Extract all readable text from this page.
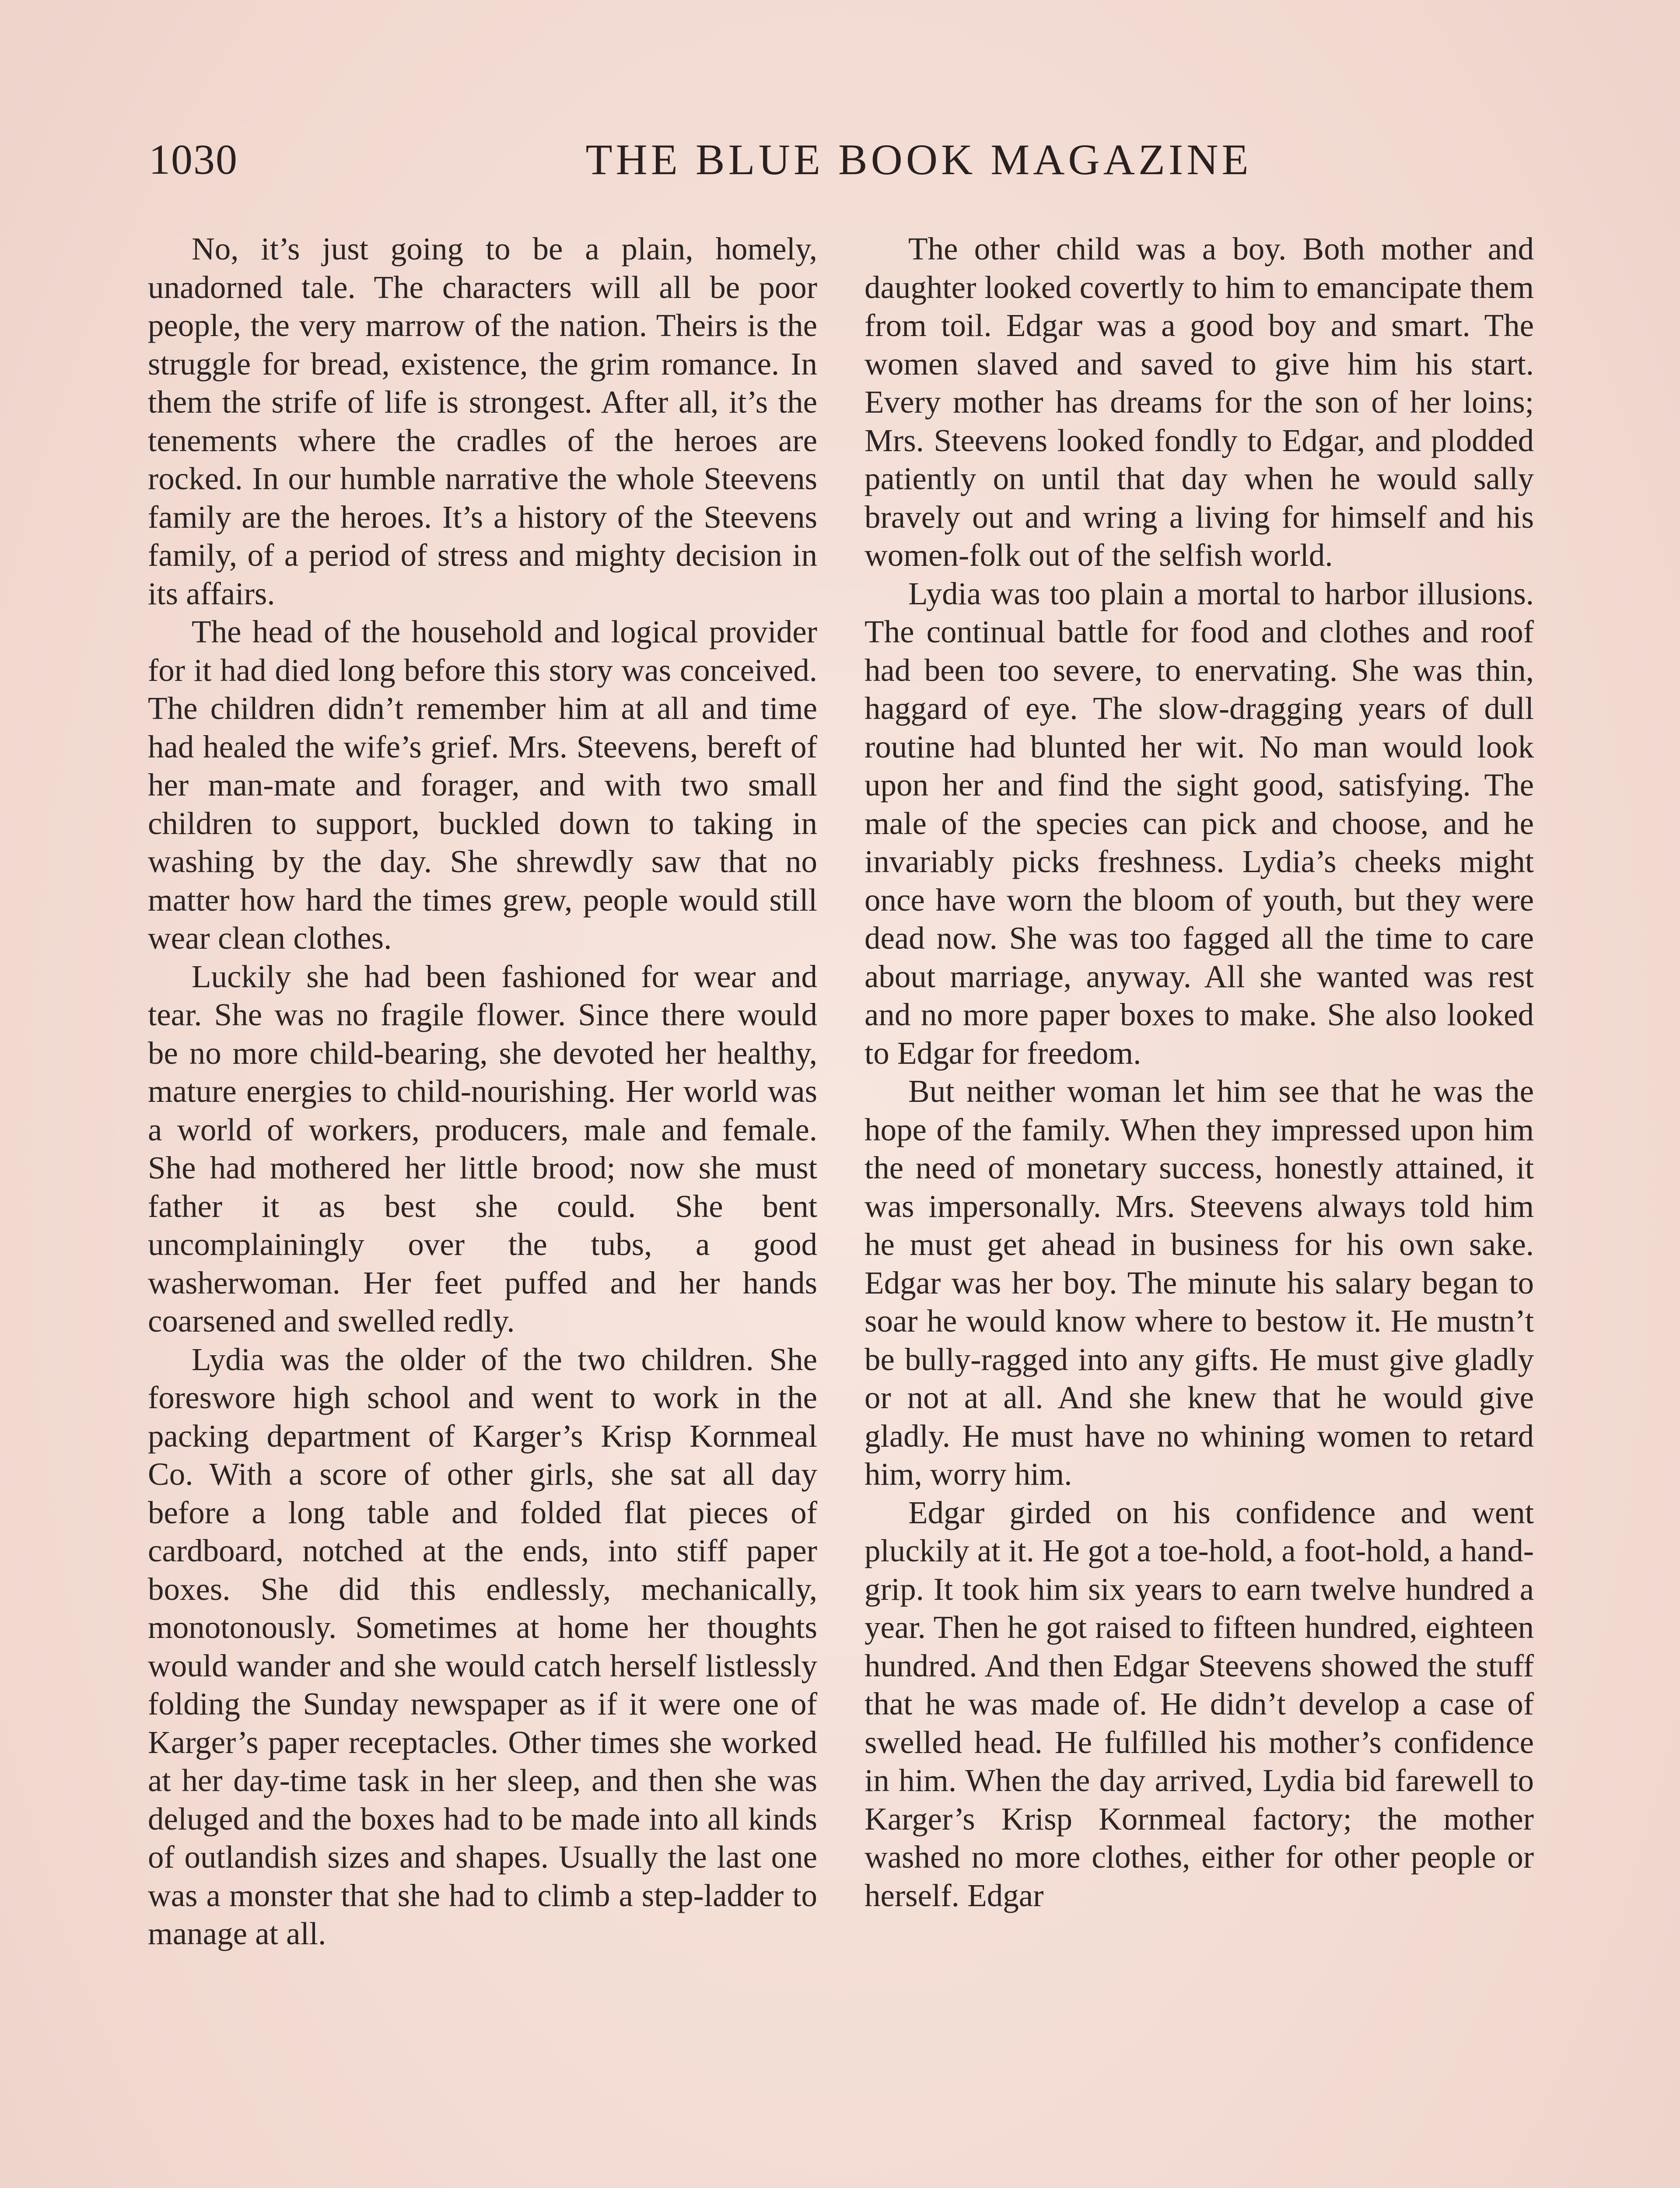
1030	THE BLUE BOOK MAGAZINE

No, it’s just going to be a plain, homely, unadorned tale. The characters will all be poor people, the very marrow of the nation. Theirs is the struggle for bread, existence, the grim romance. In them the strife of life is strongest. After all, it’s the tenements where the cradles of the heroes are rocked. In our humble narrative the whole Steevens family are the heroes. It’s a history of the Steevens family, of a period of stress and mighty decision in its affairs.

The head of the household and logical provider for it had died long before this story was conceived. The children didn’t remember him at all and time had healed the wife’s grief. Mrs. Steevens, bereft of her man-mate and forager, and with two small children to support, buckled down to taking in washing by the day. She shrewdly saw that no matter how hard the times grew, people would still wear clean clothes.

Luckily she had been fashioned for wear and tear. She was no fragile flower. Since there would be no more child-bearing, she devoted her healthy, mature energies to child-nourishing. Her world was a world of workers, producers, male and female. She had mothered her little brood; now she must father it as best she could. She bent uncomplainingly over the tubs, a good washerwoman. Her feet puffed and her hands coarsened and swelled redly.

Lydia was the older of the two children. She foreswore high school and went to work in the packing department of Karger’s Krisp Kornmeal Co. With a score of other girls, she sat all day before a long table and folded flat pieces of cardboard, notched at the ends, into stiff paper boxes. She did this endlessly, mechanically, monotonously. Sometimes at home her thoughts would wander and she would catch herself listlessly folding the Sunday newspaper as if it were one of Karger’s paper receptacles. Other times she worked at her day-time task in her sleep, and then she was deluged and the boxes had to be made into all kinds of outlandish sizes and shapes. Usually the last one was a monster that she had to climb a step-ladder to manage at all.

The other child was a boy. Both mother and daughter looked covertly to him to emancipate them from toil. Edgar was a good boy and smart. The women slaved and saved to give him his start. Every mother has dreams for the son of her loins; Mrs. Steevens looked fondly to Edgar, and plodded patiently on until that day when he would sally bravely out and wring a living for himself and his women-folk out of the selfish world.

Lydia was too plain a mortal to harbor illusions. The continual battle for food and clothes and roof had been too severe, to enervating. She was thin, haggard of eye. The slow-dragging years of dull routine had blunted her wit. No man would look upon her and find the sight good, satisfying. The male of the species can pick and choose, and he invariably picks freshness. Lydia’s cheeks might once have worn the bloom of youth, but they were dead now. She was too fagged all the time to care about marriage, anyway. All she wanted was rest and no more paper boxes to make. She also looked to Edgar for freedom.

But neither woman let him see that he was the hope of the family. When they impressed upon him the need of monetary success, honestly attained, it was impersonally. Mrs. Steevens always told him he must get ahead in business for his own sake. Edgar was her boy. The minute his salary began to soar he would know where to bestow it. He mustn’t be bully-ragged into any gifts. He must give gladly or not at all. And she knew that he would give gladly. He must have no whining women to retard him, worry him.

Edgar girded on his confidence and went pluckily at it. He got a toe-hold, a foot-hold, a hand-grip. It took him six years to earn twelve hundred a year. Then he got raised to fifteen hundred, eighteen hundred. And then Edgar Steevens showed the stuff that he was made of. He didn’t develop a case of swelled head. He fulfilled his mother’s confidence in him. When the day arrived, Lydia bid farewell to Karger’s Krisp Kornmeal factory; the mother washed no more clothes, either for other people or herself. Edgar
